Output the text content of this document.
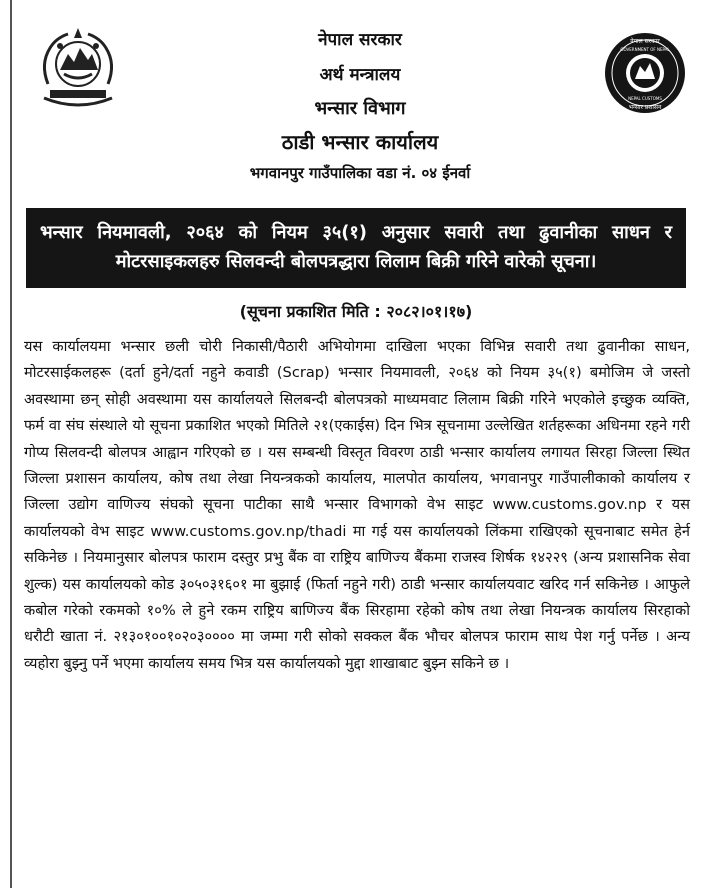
नेपाल सरकार
GOVERNMENT OF NEPAL
NEPAL CUSTOMS
भन्सार प्रशासन
नेपाल सरकार
अर्थ मन्त्रालय
भन्सार विभाग
ठाडी भन्सार कार्यालय
भगवानपुर गाउँपालिका वडा नं. ०४ ईनर्वा
भन्सार नियमावली, २०६४ को नियम ३५(१) अनुसार सवारी तथा ढुवानीका साधन र मोटरसाइकलहरु सिलवन्दी बोलपत्रद्धारा लिलाम बिक्री गरिने वारेको सूचना।
(सूचना प्रकाशित मिति : २०८२।०१।१७)
यस कार्यालयमा भन्सार छली चोरी निकासी/पैठारी अभियोगमा दाखिला भएका विभिन्न सवारी तथा ढुवानीका साधन, मोटरसाईकलहरू (दर्ता हुने/दर्ता नहुने कवाडी (Scrap) भन्सार नियमावली, २०६४ को नियम ३५(१) बमोजिम जे जस्तो अवस्थामा छन् सोही अवस्थामा यस कार्यालयले सिलबन्दी बोलपत्रको माध्यमवाट लिलाम बिक्री गरिने भएकोले इच्छुक व्यक्ति, फर्म वा संघ संस्थाले यो सूचना प्रकाशित भएको मितिले २१(एकाईस) दिन भित्र सूचनामा उल्लेखित शर्तहरूका अधिनमा रहने गरी गोप्य सिलवन्दी बोलपत्र आह्वान गरिएको छ । यस सम्बन्धी विस्तृत विवरण ठाडी भन्सार कार्यालय लगायत सिरहा जिल्ला स्थित जिल्ला प्रशासन कार्यालय, कोष तथा लेखा नियन्त्रकको कार्यालय, मालपोत कार्यालय, भगवानपुर गाउँपालीकाको कार्यालय र जिल्ला उद्योग वाणिज्य संघको सूचना पाटीका साथै भन्सार विभागको वेभ साइट www.customs.gov.np र यस कार्यालयको वेभ साइट www.customs.gov.np/thadi मा गई यस कार्यालयको लिंकमा राखिएको सूचनाबाट समेत हेर्न सकिनेछ । नियमानुसार बोलपत्र फाराम दस्तुर प्रभु बैंक वा राष्ट्रिय बाणिज्य बैंकमा राजस्व शिर्षक १४२२९ (अन्य प्रशासनिक सेवा शुल्क) यस कार्यालयको कोड ३०५०३१६०१ मा बुझाई (फिर्ता नहुने गरी) ठाडी भन्सार कार्यालयवाट खरिद गर्न सकिनेछ । आफुले कबोल गरेको रकमको १०% ले हुने रकम राष्ट्रिय बाणिज्य बैंक सिरहामा रहेको कोष तथा लेखा नियन्त्रक कार्यालय सिरहाको धरौटी खाता नं. २१३०१००१०२०३०००० मा जम्मा गरी सोको सक्कल बैंक भौचर बोलपत्र फाराम साथ पेश गर्नु पर्नेछ । अन्य व्यहोरा बुझ्नु पर्ने भएमा कार्यालय समय भित्र यस कार्यालयको मुद्दा शाखाबाट बुझ्न सकिने छ ।
